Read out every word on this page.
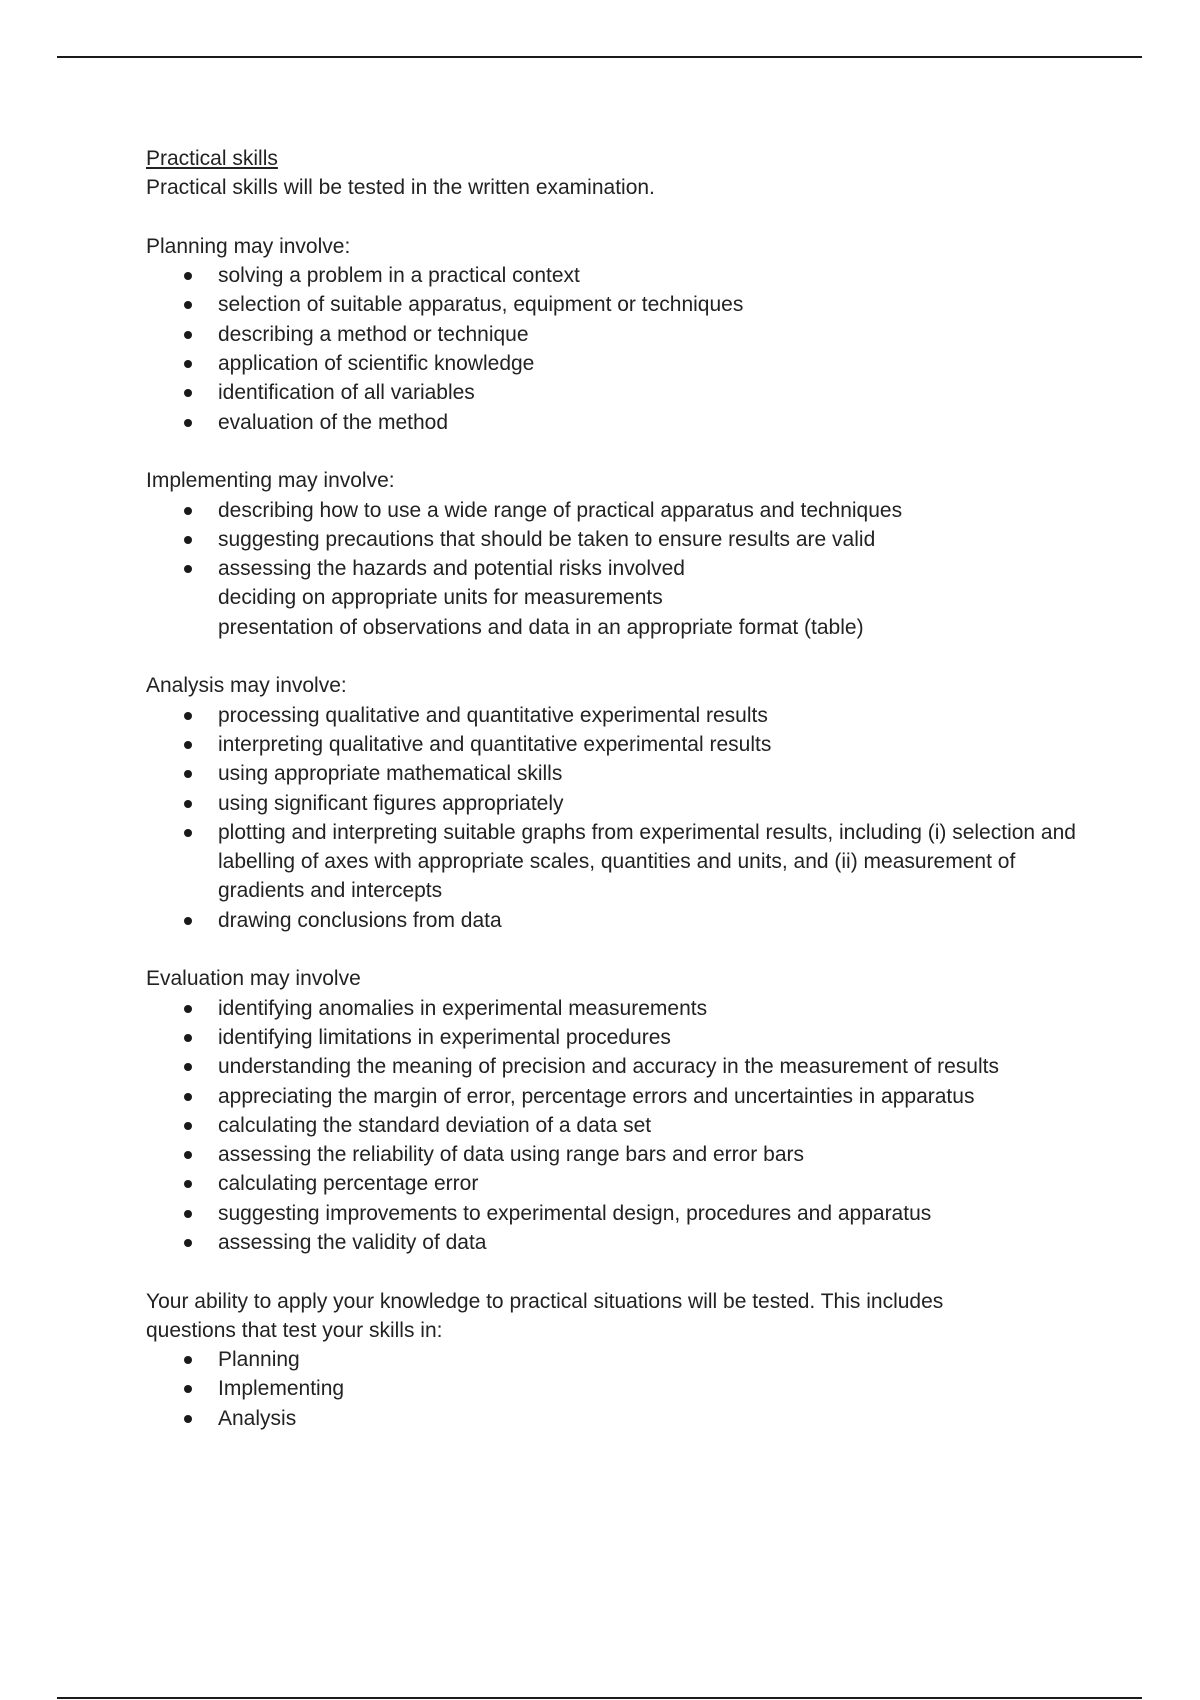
Practical skills

Practical skills will be tested in the written examination.

Planning may involve:

solving a problem in a practical context
selection of suitable apparatus, equipment or techniques
describing a method or technique
application of scientific knowledge
identification of all variables
evaluation of the method

Implementing may involve:

describing how to use a wide range of practical apparatus and techniques
suggesting precautions that should be taken to ensure results are valid
assessing the hazards and potential risks involved
deciding on appropriate units for measurements
presentation of observations and data in an appropriate format (table)

Analysis may involve:

processing qualitative and quantitative experimental results
interpreting qualitative and quantitative experimental results
using appropriate mathematical skills
using significant figures appropriately
plotting and interpreting suitable graphs from experimental results, including (i) selection and labelling of axes with appropriate scales, quantities and units, and (ii) measurement of gradients and intercepts
drawing conclusions from data

Evaluation may involve

identifying anomalies in experimental measurements
identifying limitations in experimental procedures
understanding the meaning of precision and accuracy in the measurement of results
appreciating the margin of error, percentage errors and uncertainties in apparatus
calculating the standard deviation of a data set
assessing the reliability of data using range bars and error bars
calculating percentage error
suggesting improvements to experimental design, procedures and apparatus
assessing the validity of data

Your ability to apply your knowledge to practical situations will be tested. This includes questions that test your skills in:

Planning
Implementing
Analysis
